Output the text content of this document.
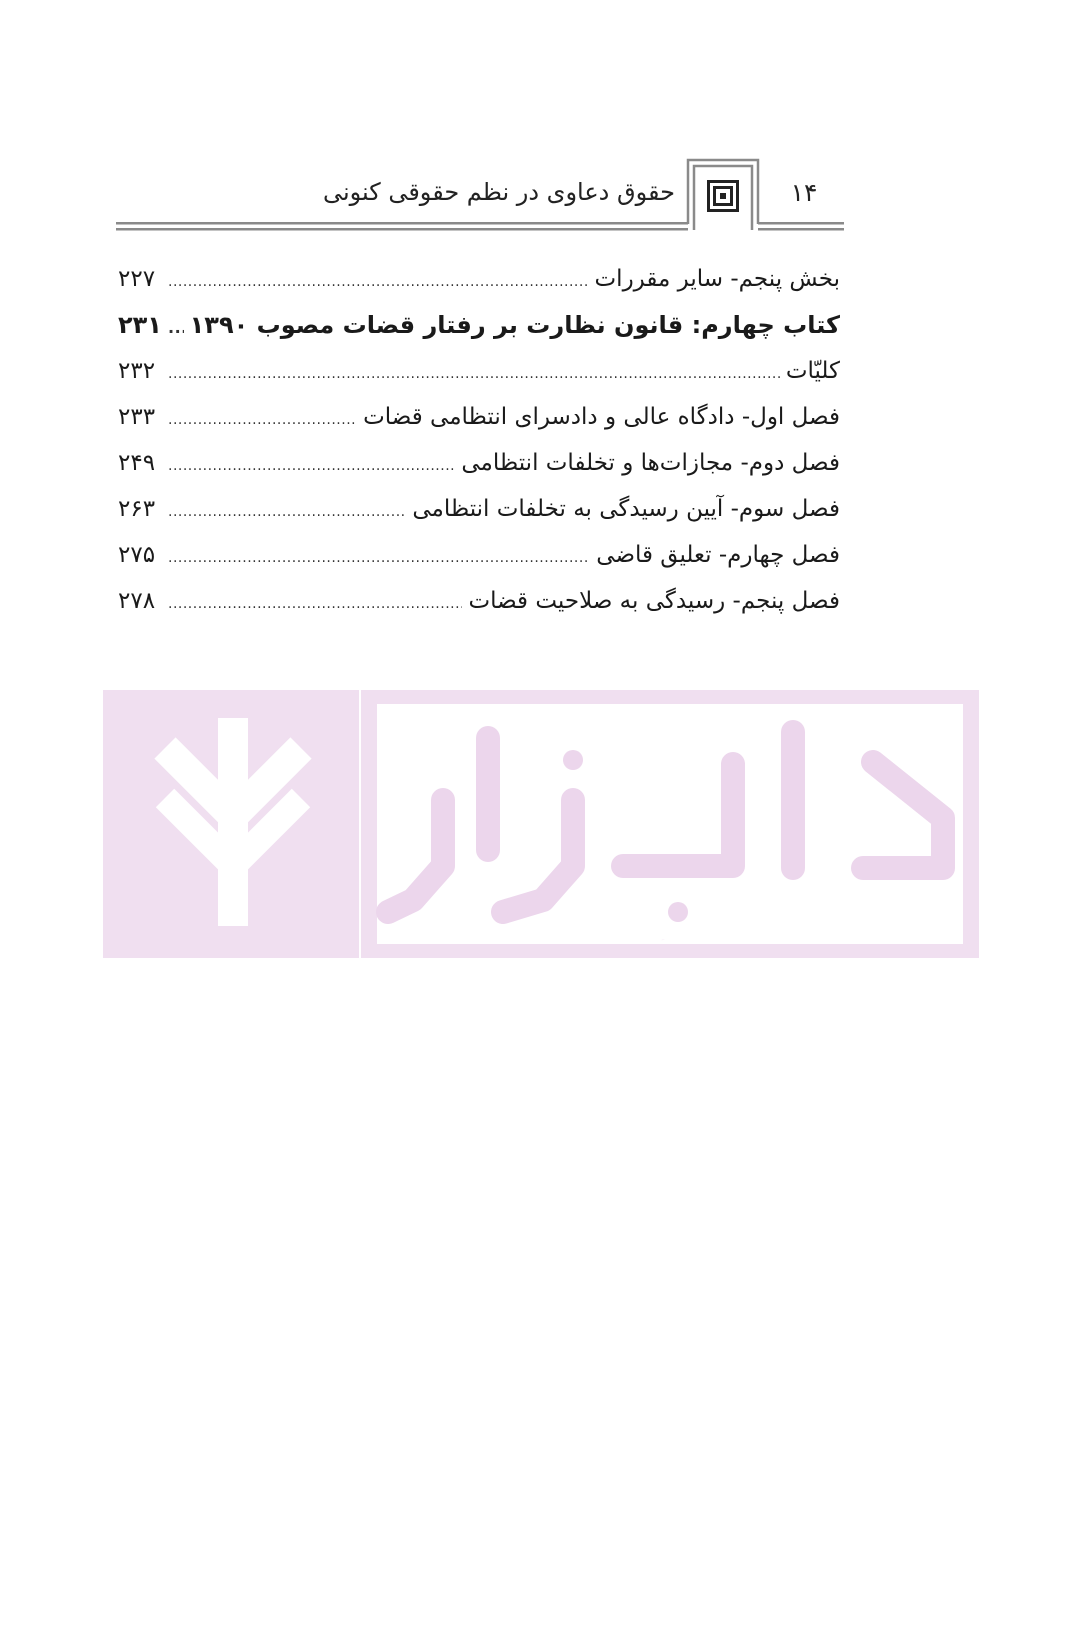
۱۴
حقوق دعاوی در نظم حقوقی کنونی
بخش پنجم- سایر مقررات
.....
۲۲۷
کتاب چهارم: قانون نظارت بر رفتار قضات مصوب ۱۳۹۰
.....
۲۳۱
کلیّات
.....
۲۳۲
فصل اول- دادگاه عالی و دادسرای انتظامی قضات
.....
۲۳۳
فصل دوم- مجازات‌ها و تخلفات انتظامی
.....
۲۴۹
فصل سوم- آیین رسیدگی به تخلفات انتظامی
.....
۲۶۳
فصل چهارم- تعلیق قاضی
.....
۲۷۵
فصل پنجم- رسیدگی به صلاحیت قضات
.....
۲۷۸
دادبازار
